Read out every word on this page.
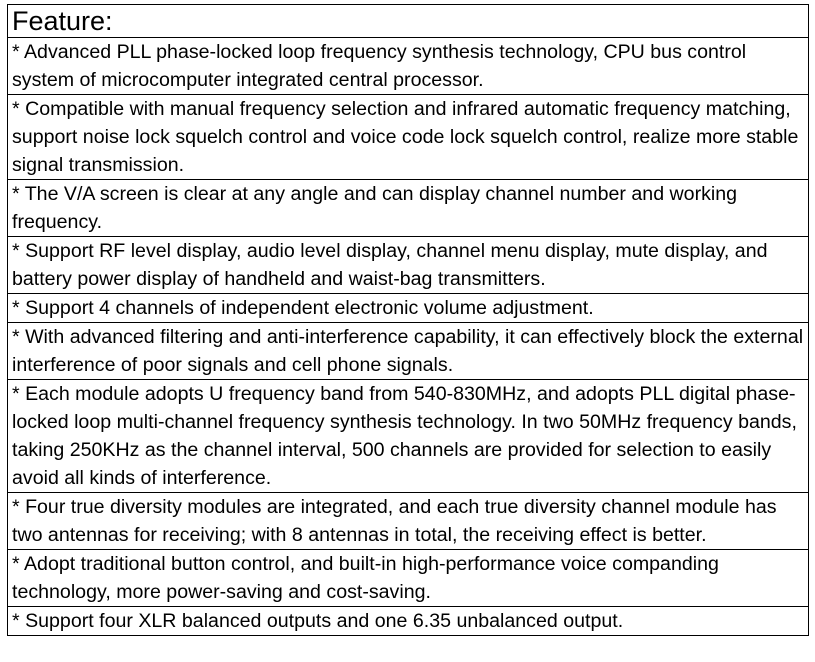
Feature:
* Advanced PLL phase-locked loop frequency synthesis technology, CPU bus control system of microcomputer integrated central processor.
* Compatible with manual frequency selection and infrared automatic frequency matching, support noise lock squelch control and voice code lock squelch control, realize more stable signal transmission.
* The V/A screen is clear at any angle and can display channel number and working frequency.
* Support RF level display, audio level display, channel menu display, mute display, and battery power display of handheld and waist-bag transmitters.
* Support 4 channels of independent electronic volume adjustment.
* With advanced filtering and anti-interference capability, it can effectively block the external interference of poor signals and cell phone signals.
* Each module adopts U frequency band from 540-830MHz, and adopts PLL digital phase-locked loop multi-channel frequency synthesis technology. In two 50MHz frequency bands, taking 250KHz as the channel interval, 500 channels are provided for selection to easily avoid all kinds of interference.
* Four true diversity modules are integrated, and each true diversity channel module has two antennas for receiving; with 8 antennas in total, the receiving effect is better.
* Adopt traditional button control, and built-in high-performance voice companding technology, more power-saving and cost-saving.
* Support four XLR balanced outputs and one 6.35 unbalanced output.
